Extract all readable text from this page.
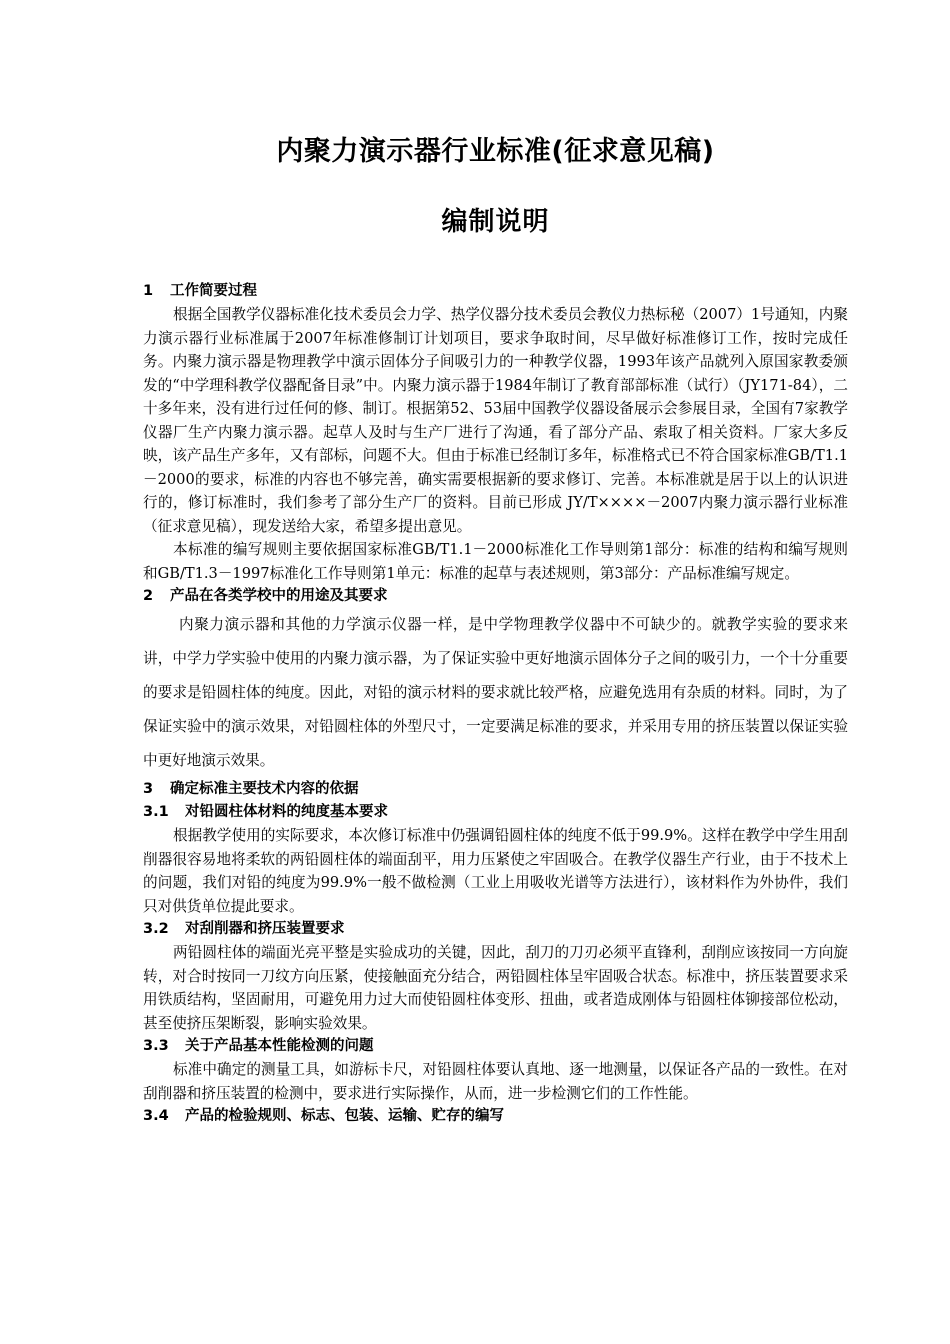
内聚力演示器行业标准(征求意见稿)
编制说明
1 工作简要过程

根据全国教学仪器标准化技术委员会力学、热学仪器分技术委员会教仪力热标秘（2007）1号通知，内聚力演示器行业标准属于2007年标准修制订计划项目，要求争取时间，尽早做好标准修订工作，按时完成任务。内聚力演示器是物理教学中演示固体分子间吸引力的一种教学仪器，1993年该产品就列入原国家教委颁发的“中学理科教学仪器配备目录”中。内聚力演示器于1984年制订了教育部部标准（试行）（JY171-84），二十多年来，没有进行过任何的修、制订。根据第52、53届中国教学仪器设备展示会参展目录，全国有7家教学仪器厂生产内聚力演示器。起草人及时与生产厂进行了沟通，看了部分产品、索取了相关资料。厂家大多反映，该产品生产多年，又有部标，问题不大。但由于标准已经制订多年，标准格式已不符合国家标准GB/T1.1－2000的要求，标准的内容也不够完善，确实需要根据新的要求修订、完善。本标准就是居于以上的认识进行的，修订标准时，我们参考了部分生产厂的资料。目前已形成 JY/T××××－2007内聚力演示器行业标准（征求意见稿），现发送给大家，希望多提出意见。

本标准的编写规则主要依据国家标准GB/T1.1－2000标准化工作导则第1部分：标准的结构和编写规则和GB/T1.3－1997标准化工作导则第1单元：标准的起草与表述规则，第3部分：产品标准编写规定。

2 产品在各类学校中的用途及其要求

内聚力演示器和其他的力学演示仪器一样，是中学物理教学仪器中不可缺少的。就教学实验的要求来讲，中学力学实验中使用的内聚力演示器，为了保证实验中更好地演示固体分子之间的吸引力，一个十分重要的要求是铅圆柱体的纯度。因此，对铅的演示材料的要求就比较严格，应避免选用有杂质的材料。同时，为了保证实验中的演示效果，对铅圆柱体的外型尺寸，一定要满足标准的要求，并采用专用的挤压装置以保证实验中更好地演示效果。

3 确定标准主要技术内容的依据
3.1 对铅圆柱体材料的纯度基本要求

根据教学使用的实际要求，本次修订标准中仍强调铅圆柱体的纯度不低于99.9%。这样在教学中学生用刮削器很容易地将柔软的两铅圆柱体的端面刮平，用力压紧使之牢固吸合。在教学仪器生产行业，由于不技术上的问题，我们对铅的纯度为99.9%一般不做检测（工业上用吸收光谱等方法进行），该材料作为外协件，我们只对供货单位提此要求。

3.2 对刮削器和挤压装置要求

两铅圆柱体的端面光亮平整是实验成功的关键，因此，刮刀的刀刃必须平直锋利，刮削应该按同一方向旋转，对合时按同一刀纹方向压紧，使接触面充分结合，两铅圆柱体呈牢固吸合状态。标准中，挤压装置要求采用铁质结构，坚固耐用，可避免用力过大而使铅圆柱体变形、扭曲，或者造成刚体与铅圆柱体铆接部位松动，甚至使挤压架断裂，影响实验效果。

3.3 关于产品基本性能检测的问题

标准中确定的测量工具，如游标卡尺，对铅圆柱体要认真地、逐一地测量，以保证各产品的一致性。在对刮削器和挤压装置的检测中，要求进行实际操作，从而，进一步检测它们的工作性能。

3.4 产品的检验规则、标志、包装、运输、贮存的编写
